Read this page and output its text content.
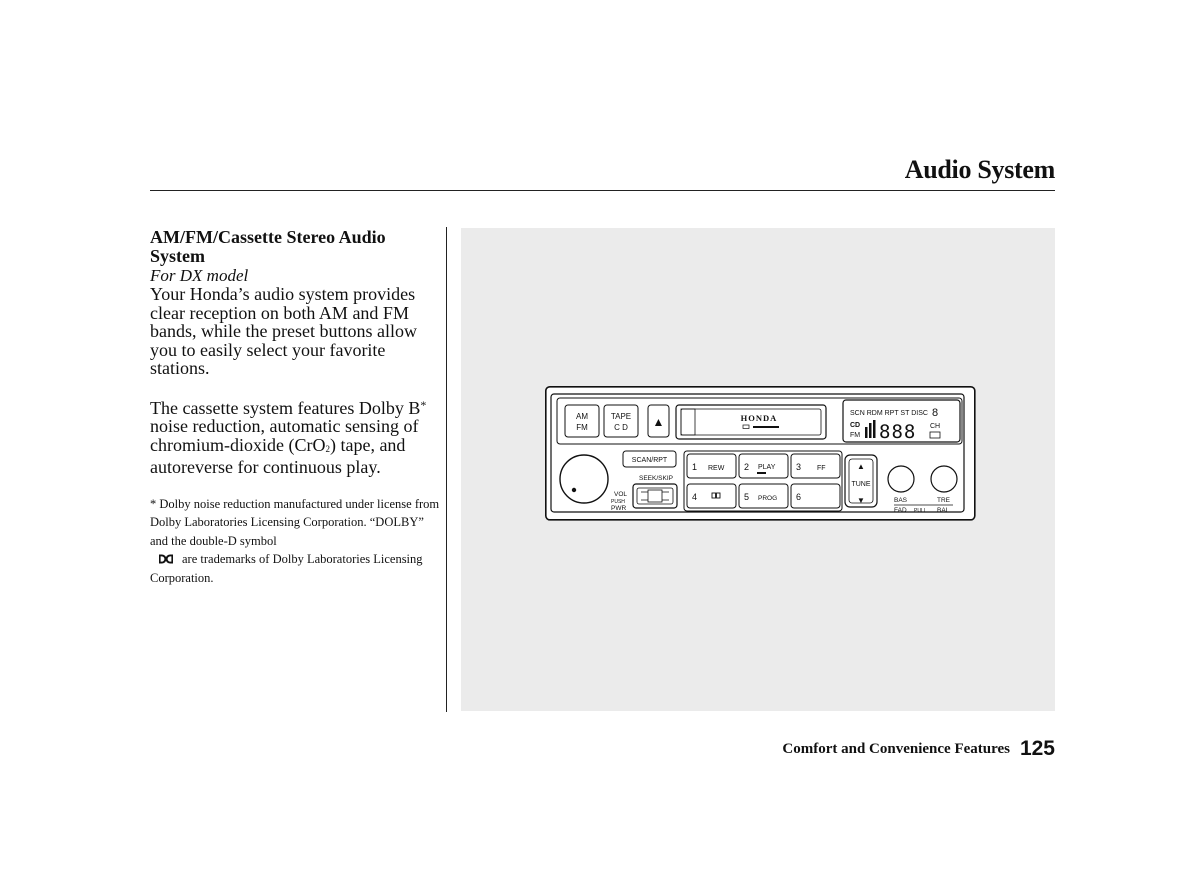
Audio System
AM/FM/Cassette Stereo Audio System
For DX model

Your Honda’s audio system provides clear reception on both AM and FM bands, while the preset buttons allow you to easily select your favorite stations.

The cassette system features Dolby B* noise reduction, automatic sensing of chromium-dioxide (CrO2) tape, and autoreverse for continuous play.

* Dolby noise reduction manufactured under license from Dolby Laboratories Licensing Corporation. “DOLBY” and the double-D symbol
are trademarks of Dolby Laboratories Licensing Corporation.
AM
FM
TAPE
C D ▲	HONDA	SCN RDM RPT ST DISC 8
CD
FM 888 CH
SCAN/RPT
SEEK/SKIP
VOL
PUSH
PWR
1 REW 2 PLAY 3 FF
4	5 PROG 6
▲
TUNE
▼	BAS	TRE
FAD PULL BAL
Comfort and Convenience Features 125
